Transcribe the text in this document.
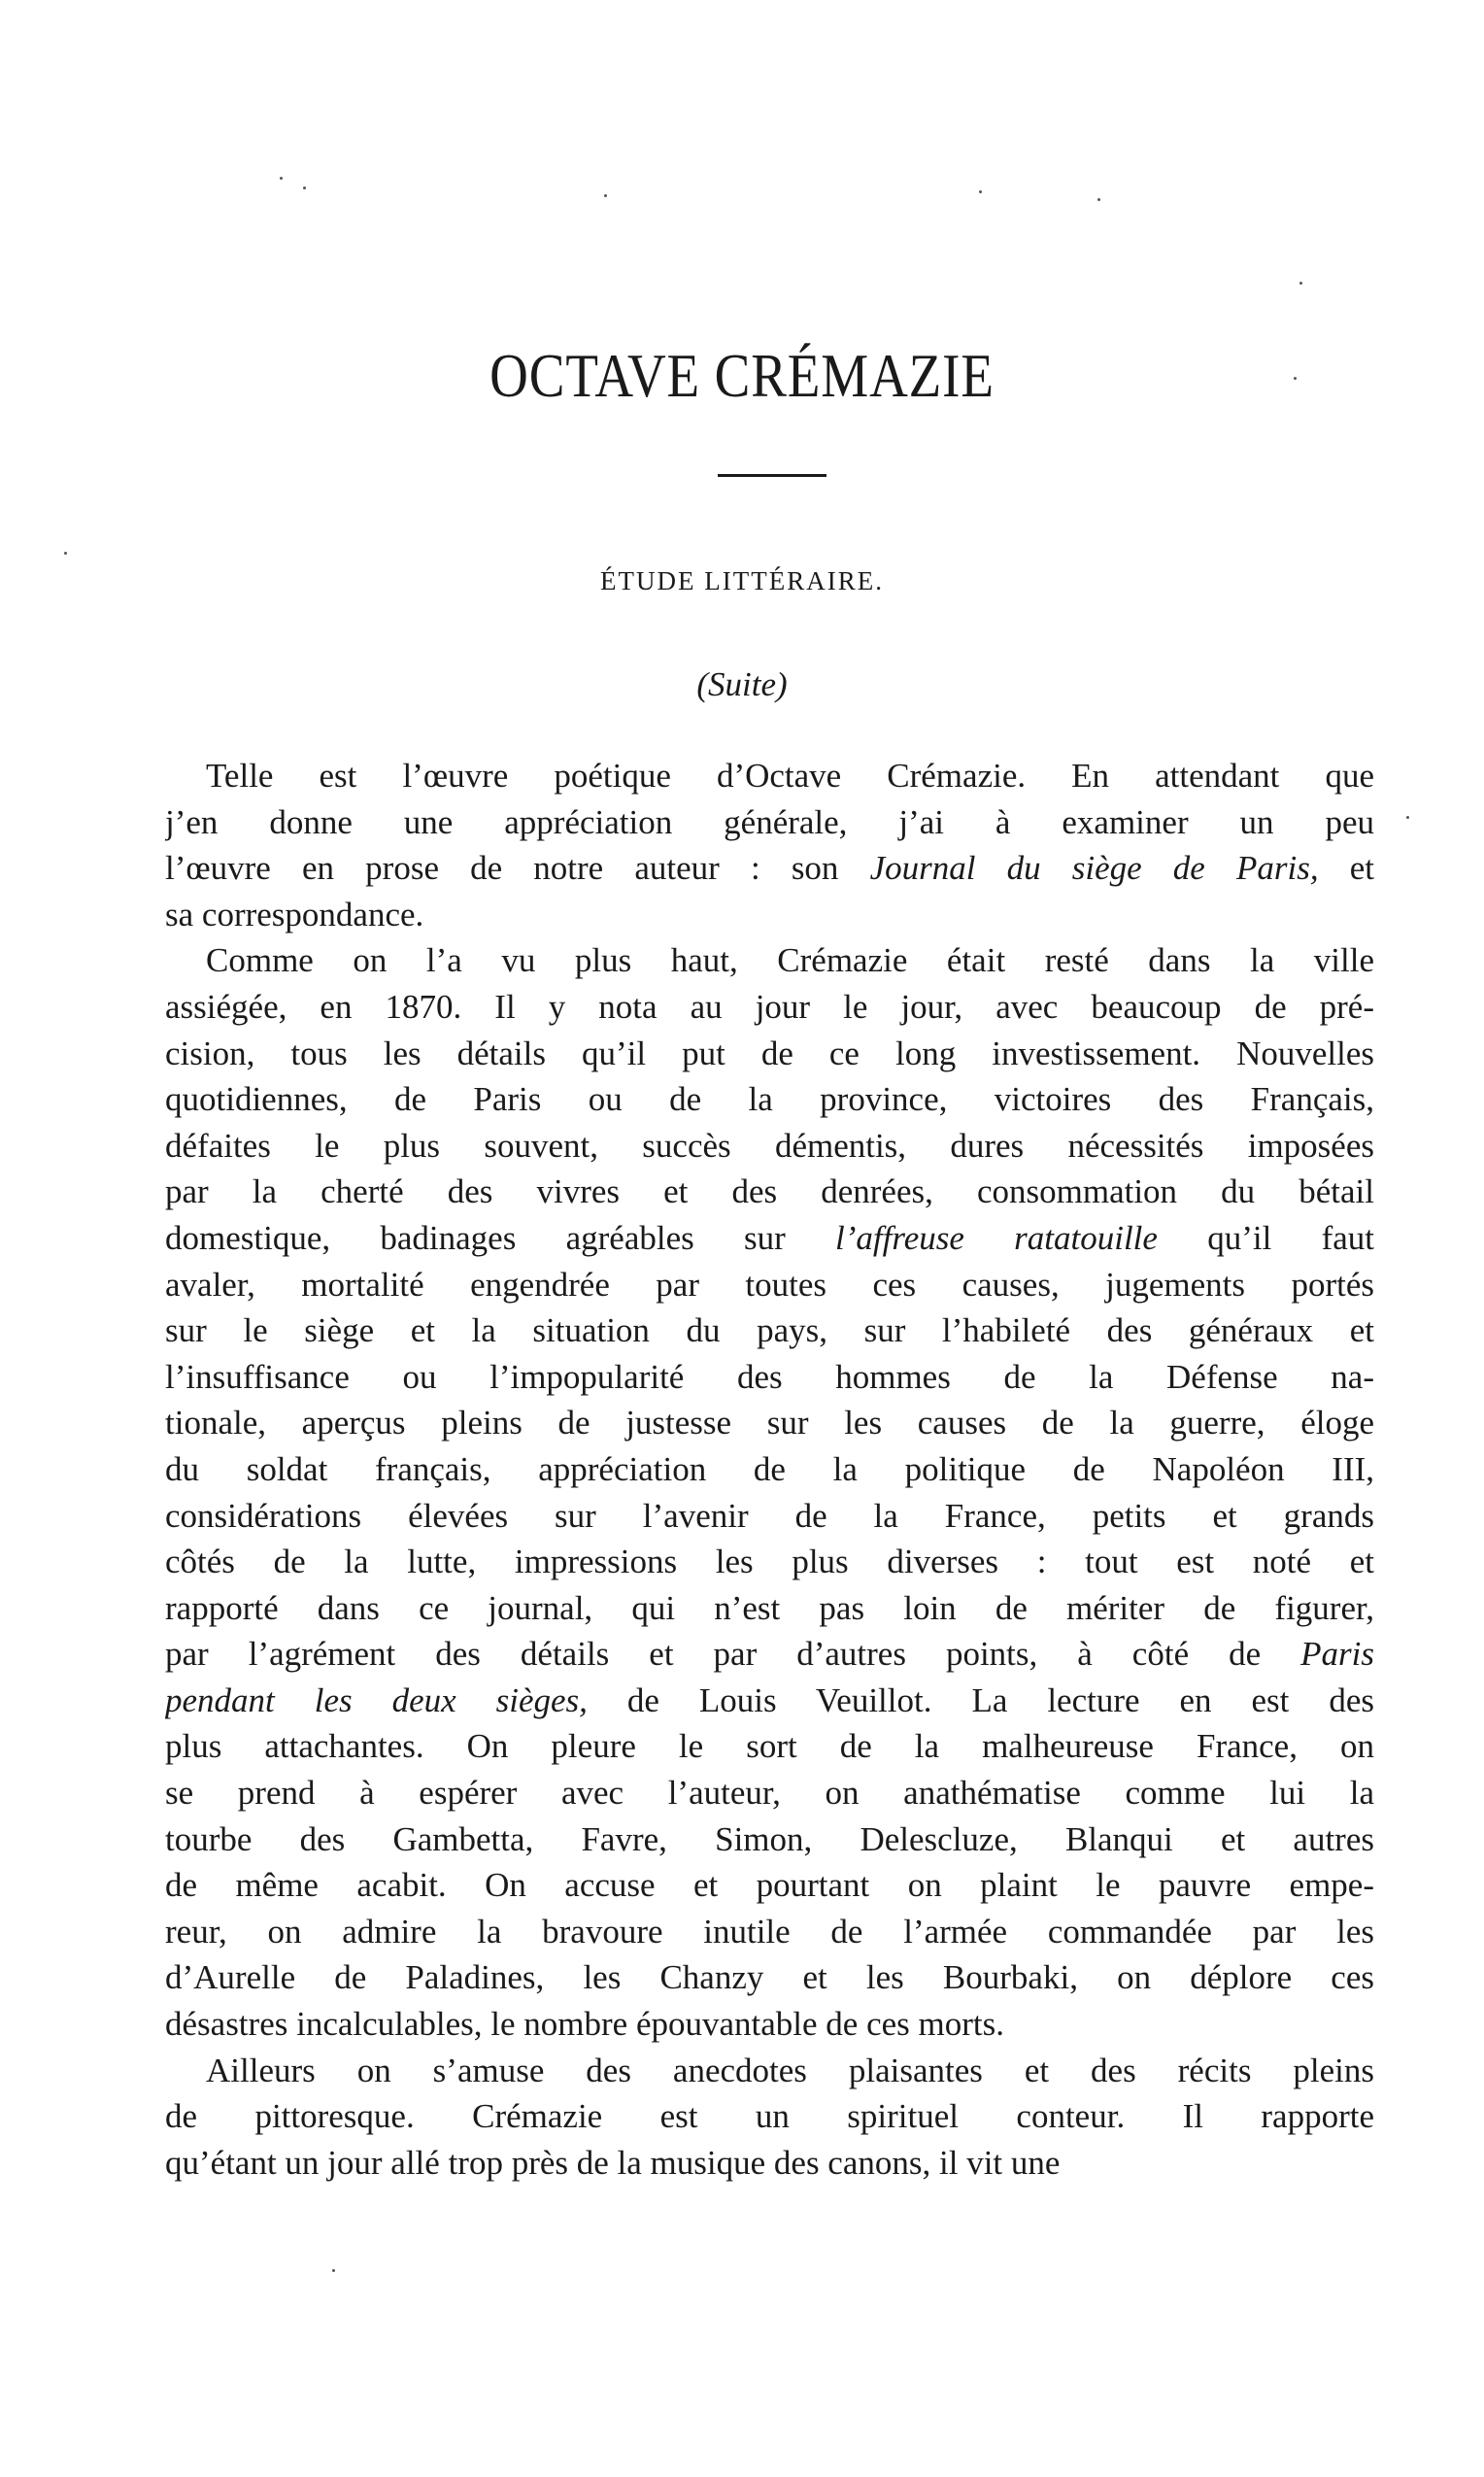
OCTAVE CRÉMAZIE

ÉTUDE LITTÉRAIRE.

(Suite)

Telle est l’œuvre poétique d’Octave Crémazie. En attendant que
j’en donne une appréciation générale, j’ai à examiner un peu
l’œuvre en prose de notre auteur : son Journal du siège de Paris, et
sa correspondance.
Comme on l’a vu plus haut, Crémazie était resté dans la ville
assiégée, en 1870. Il y nota au jour le jour, avec beaucoup de pré-
cision, tous les détails qu’il put de ce long investissement. Nouvelles
quotidiennes, de Paris ou de la province, victoires des Français,
défaites le plus souvent, succès démentis, dures nécessités imposées
par la cherté des vivres et des denrées, consommation du bétail
domestique, badinages agréables sur l’affreuse ratatouille qu’il faut
avaler, mortalité engendrée par toutes ces causes, jugements portés
sur le siège et la situation du pays, sur l’habileté des généraux et
l’insuffisance ou l’impopularité des hommes de la Défense na-
tionale, aperçus pleins de justesse sur les causes de la guerre, éloge
du soldat français, appréciation de la politique de Napoléon III,
considérations élevées sur l’avenir de la France, petits et grands
côtés de la lutte, impressions les plus diverses : tout est noté et
rapporté dans ce journal, qui n’est pas loin de mériter de figurer,
par l’agrément des détails et par d’autres points, à côté de Paris
pendant les deux sièges, de Louis Veuillot. La lecture en est des
plus attachantes. On pleure le sort de la malheureuse France, on
se prend à espérer avec l’auteur, on anathématise comme lui la
tourbe des Gambetta, Favre, Simon, Delescluze, Blanqui et autres
de même acabit. On accuse et pourtant on plaint le pauvre empe-
reur, on admire la bravoure inutile de l’armée commandée par les
d’Aurelle de Paladines, les Chanzy et les Bourbaki, on déplore ces
désastres incalculables, le nombre épouvantable de ces morts.
Ailleurs on s’amuse des anecdotes plaisantes et des récits pleins
de pittoresque. Crémazie est un spirituel conteur. Il rapporte
qu’étant un jour allé trop près de la musique des canons, il vit une
